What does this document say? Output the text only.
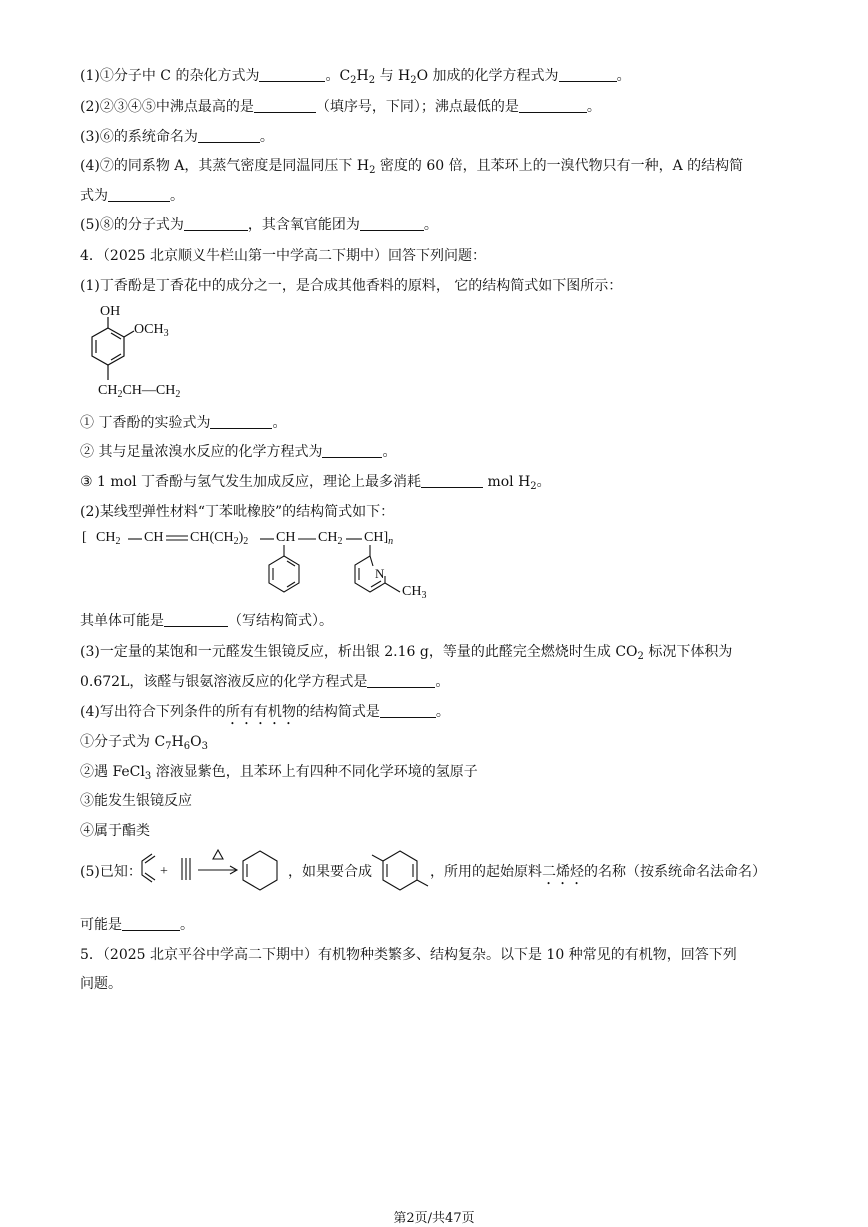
(1)①分子中 C 的杂化方式为	。$C_2H_2$ 与 $H_2O$ 加成的化学方程式为	。
(2)②③④⑤中沸点最高的是	（填序号，下同）；沸点最低的是	。
(3)⑥的系统命名为	。
(4)⑦的同系物 A，其蒸气密度是同温同压下 $H_2$ 密度的 60 倍，且苯环上的一溴代物只有一种，A 的结构简
式为	。
(5)⑧的分子式为	，其含氧官能团为	。
4．（2025 北京顺义牛栏山第一中学高二下期中）回答下列问题：
(1)丁香酚是丁香花中的成分之一，是合成其他香料的原料， 它的结构简式如下图所示：
OH
$OCH_3$
$CH_2CH—CH_2$
① 丁香酚的实验式为	。
② 其与足量浓溴水反应的化学方程式为	。
③ 1 mol 丁香酚与氢气发生加成反应，理论上最多消耗	mol $H_2$。
(2)某线型弹性材料“丁苯吡橡胶”的结构简式如下：
[ $CH_2$ CH $CH(CH_2)_2$ CH $CH_2$ $CH]_n$
N
$CH_3$
其单体可能是	（写结构简式）。
(3)一定量的某饱和一元醛发生银镜反应，析出银 2.16 g，等量的此醛完全燃烧时生成 $CO_2$ 标况下体积为
0.672L，该醛与银氨溶液反应的化学方程式是	。
(4)写出符合下列条件的所有有机物的结构简式是	。
①分子式为 $C_7H_6O_3$
②遇 FeCl$_3$ 溶液显紫色，且苯环上有四种不同化学环境的氢原子
③能发生银镜反应
④属于酯类
(5)已知： +	，如果要合成	，所用的起始原料二烯烃的名称（按系统命名法命名）
可能是	。
5．（2025 北京平谷中学高二下期中）有机物种类繁多、结构复杂。以下是 10 种常见的有机物，回答下列
问题。
第2页/共47页
